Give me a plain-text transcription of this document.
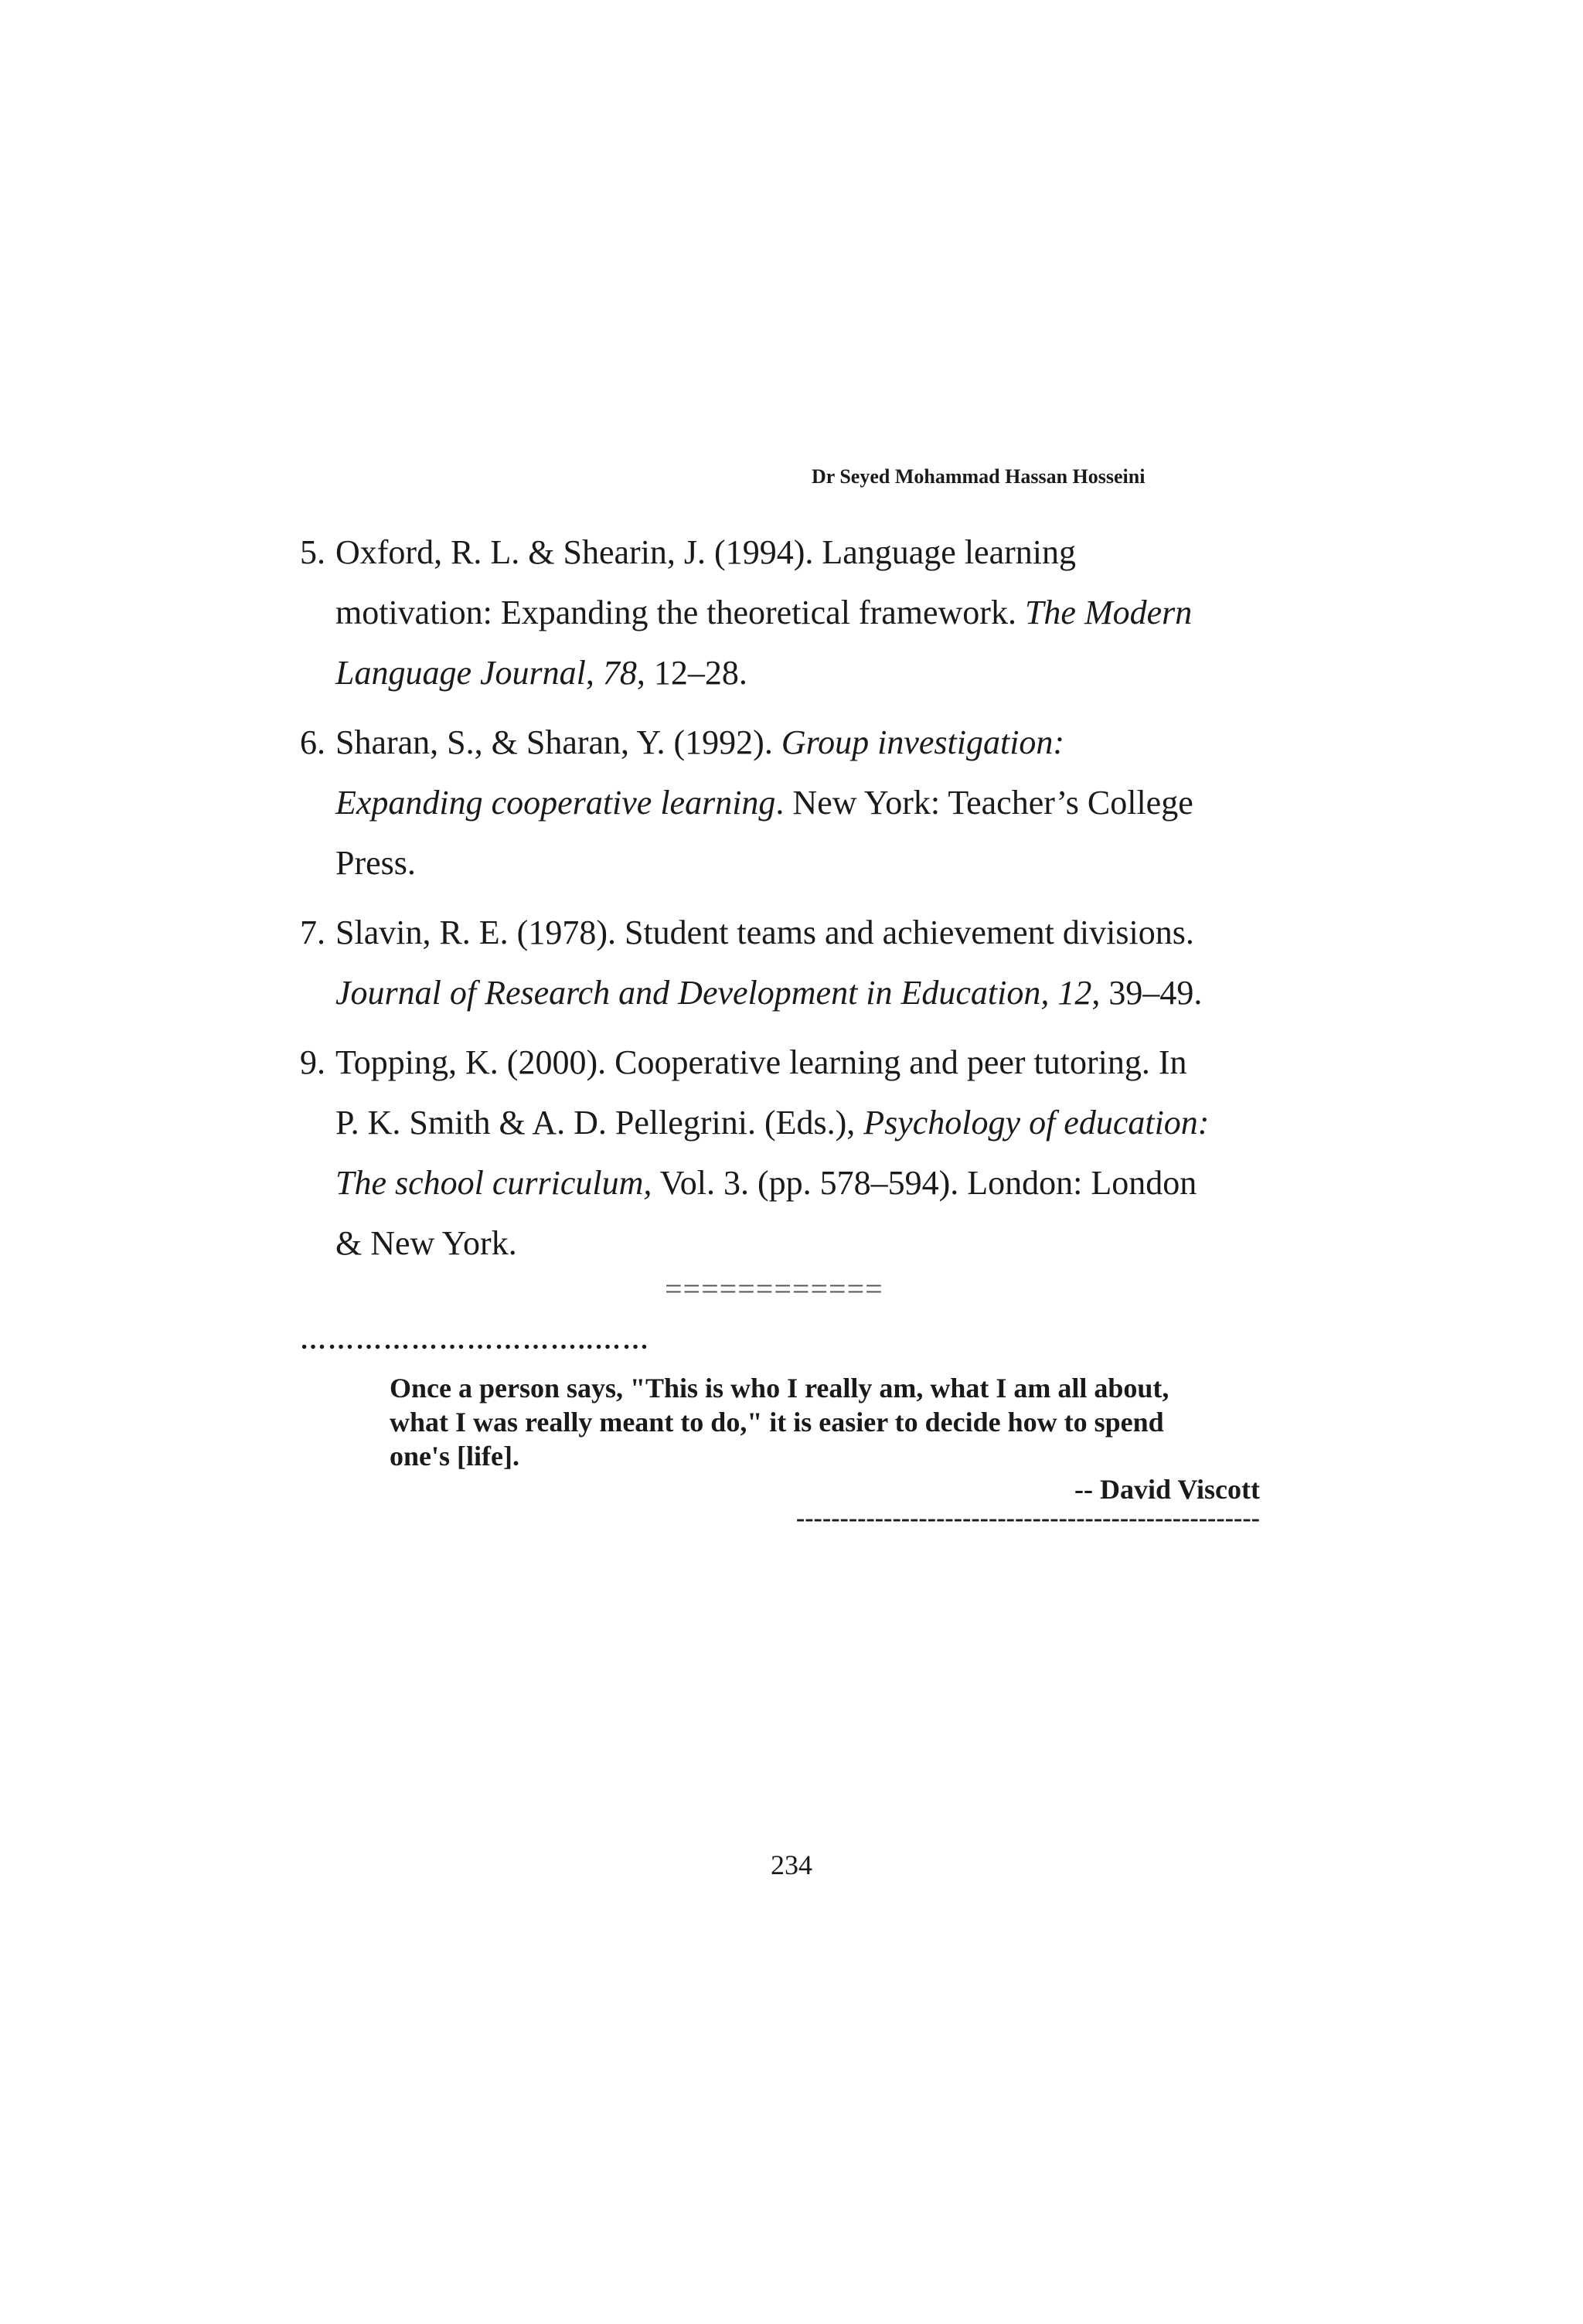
Dr Seyed Mohammad Hassan Hosseini
5. Oxford, R. L. & Shearin, J. (1994). Language learning
motivation: Expanding the theoretical framework. The Modern
Language Journal, 78, 12–28.
6. Sharan, S., & Sharan, Y. (1992). Group investigation:
Expanding cooperative learning. New York: Teacher’s College
Press.
7. Slavin, R. E. (1978). Student teams and achievement divisions.
Journal of Research and Development in Education, 12, 39–49.
9. Topping, K. (2000). Cooperative learning and peer tutoring. In
P. K. Smith & A. D. Pellegrini. (Eds.), Psychology of education:
The school curriculum, Vol. 3. (pp. 578–594). London: London
& New York.
============
…………………………..……
Once a person says, "This is who I really am, what I am all about,
what I was really meant to do," it is easier to decide how to spend
one's [life].
-- David Viscott
-----------------------------------------------------
234
